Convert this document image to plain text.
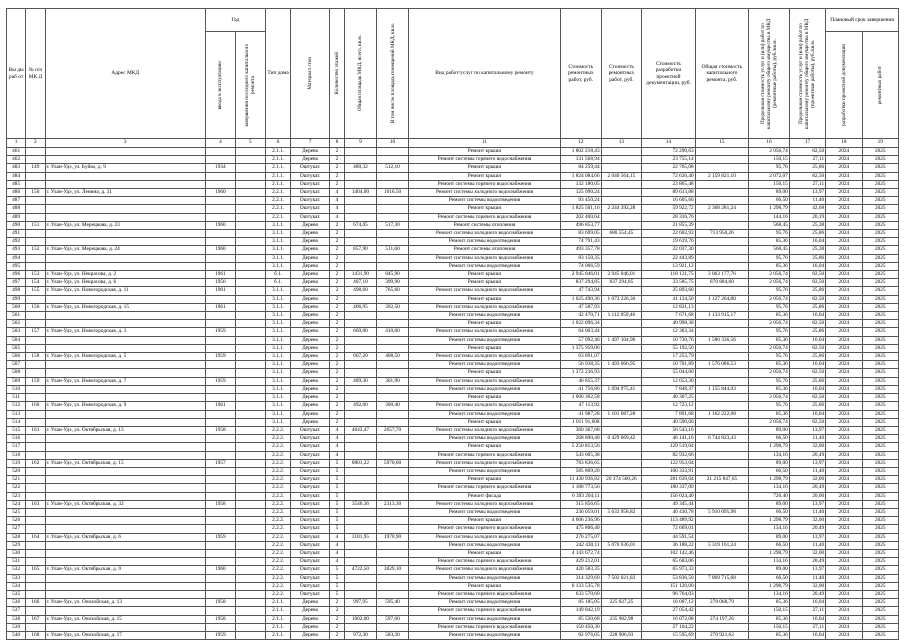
Вы ды раб от	№ п/п МК Д	Адрес МКД	Год		Тип дома	Материал стен	Количество этажей	Общая площадь МКД, всего, кв.м.	В том числе площадь помещений МКД, кв.м.	Вид работ/услуг по капитальному ремонту	Стоимость ремонтных работ, руб.	Стоимость ремонтных работ, руб.	Стоимость разработки проектной документации, руб.	Общая стоимость капитального ремонта, руб.	Предельная стоимость услуг и (или) работ по капитальному ремонту общего имущества в МКД (ремонтные работы), руб./кв.м.	Предельная стоимость услуг и (или) работ по капитальному ремонту общего имущества в МКД (проектные работы), руб./кв.м.	Плановый срок завершения	

			ввода в эксплуатацию	завершения последнего капитального ремонта													разработки проектной документации	ремонтных работ

1	2	3	4	5	6	7	8	9	10	11	12	13	14	15	16	17	18	19
461					2.1.1.	Дерево	2			Ремонт крыши	1 802 218,43		72 290,63		2 056,74	82,50	2024	2025
462					2.1.1.	Дерево	2			Ремонт системы горячего водоснабжения	131 568,94		23 755,14		150,15	27,11	2024	2025
483	149	г. Улан-Удэ, ул. Буйко, д. 9	1934		2.1.1.	Оштукат.	2	480,32	512,10	Ремонт крыши	84 259,44		22 765,08		95,76	25,86	2024	2025
484					2.1.1.	Оштукат.	2			Ремонт крыши	1 824 084,66	2 040 564,15	72 626,40	2 159 821,10	2 072,07	82,50	2024	2025
485					2.1.1.	Оштукат.	2			Ремонт системы горячего водоснабжения	132 180,05		23 865,48		150,15	27,11	2024	2025
486	150	г. Улан-Удэ, ул. Ленина, д. 31	1960		2.2.1.	Оштукат.	4	1404,00	1016,50	Ремонт системы холодного водоснабжения	125 090,24		89 613,88		89,00	13,97	2024	2025
487					2.2.1.	Оштукат.	4			Ремонт системы водоотведения	93 450,24		16 605,60		66,50	11,40	2024	2025
488					2.2.1.	Оштукат.	4			Ремонт крыши	1 825 501,16	2 244 392,28	59 922,72	2 368 281,24	1 298,79	42,68	2024	2025
489					2.2.1.	Оштукат.	4			Ремонт системы горячего водоснабжения	202 400,64		28 316,76		144,16	20,19	2024	2025
490	151	г. Улан-Удэ, ул. Мерецкова, д. 23	1960		3.1.1.	Дерево	2	674,05	517,30	Ремонт системы отопления	496 853,77		21 855,39		568,45	25,38	2024	2025
491					3.1.1.	Дерево	2			Ремонт системы холодного водоснабжения	83 699,05	680 554,45	22 602,93	713 950,26	95,76	25,86	2024	2025
492					3.1.1.	Дерево	2			Ремонт системы водоотведения	74 791,43		19 619,76		85,36	16,04	2024	2025
493	152	г. Улан-Удэ, ул. Мерецкова, д. 24	1960		3.1.1.	Дерево	2	857,90	511,60	Ремонт системы отопления	493 357,78		22 037,30		568,45	25,38	2024	2025
494					3.1.1.	Дерево	2			Ремонт системы холодного водоснабжения	83 150,35		22 443,89		95,76	25,86	2024	2025
495					3.1.1.	Дерево	2			Ремонт системы водоотведения	74 066,59		13 921,12		85,36	16,04	2024	2025
496	153	г. Улан-Удэ, ул. Некрасова, д. 2	1961		б.1.	Дерево	2	1431,90	845,90	Ремонт крыши	2 945 046,01	2 945 046,01	118 131,75	3 063 177,76	2 056,74	82,50	2024	2025
497	154	г. Улан-Удэ, ул. Некрасова, д. 6	1956		б.1.	Дерево	2	407,10	399,90	Ремонт крыши	837 294,85	837 294,85	33 585,75	870 884,60	2 056,74	82,50	2024	2025
498	155	г. Улан-Удэ, ул. Новогородская, д. 11	1961		3.1.1.	Дерево	2	498,60	765,60	Ремонт системы холодного водоснабжения	47 743,94		25 893,60		95,76	25,86	2024	2025
499					3.1.1.	Дерево	2			Ремонт крыши	1 025 490,36	1 073 226,30	41 134,50	1 127 264,80	2 056,74	82,50	2024	2025
500	156	г. Улан-Удэ, ул. Новогородская, д. 15	1961		3.1.1.	Дерево	2	406,95	392,50	Ремонт системы холодного водоснабжения	47 587,93		12 831,13		95,76	25,86	2024	2025
501					3.1.1.	Дерево	2			Ремонт системы водоотведения	42 470,71	1 112 059,46	7 671,68	1 133 915,17	85,36	16,04	2024	2025
502					3.1.1.	Дерево	2			Ремонт крыши	1 022 096,34		40 998,38		2 056,74	82,50	2024	2025
503	157	г. Улан-Удэ, ул. Новогородская, д. 3	1959		3.1.1.	Дерево	2	669,00	410,60	Ремонт системы холодного водоснабжения	64 063,44		12 303,34		95,76	25,86	2024	2025
504					3.1.1.	Дерево	2			Ремонт системы водоотведения	57 092,46	1 497 104,96	10 730,76	1 580 336,56	85,36	16,04	2024	2025
505					3.1.1.	Дерево	2			Ремонт крыши	1 375 959,06		55 192,50		2 056,74	82,50	2024	2025
506	158	г. Улан-Удэ, ул. Новогородская, д. 5	1959		3.1.1.	Дерево	2	667,20	408,50	Ремонт системы холодного водоснабжения	63 891,07		17 253,79		95,76	25,86	2024	2025
507					3.1.1.	Дерево	2			Ремонт системы водоотведения	56 938,35	1 493 066,95	10 701,89	1 576 086,53	85,36	16,04	2024	2025
508					3.1.1.	Дерево	2			Ремонт крыши	1 372 236,93		55 044,00		2 056,74	82,50	2024	2025
509	159	г. Улан-Удэ, ул. Новогородская, д. 7	1959		3.1.1.	Дерево	2	489,30	301,90	Ремонт системы холодного водоснабжения	46 855,37		12 653,30		95,76	25,86	2024	2025
510					3.1.1.	Дерево	2			Ремонт системы водоотведения	41 756,86	1 094 975,41	7 848,37	1 155 844,03	85,36	16,04	2024	2025
511					3.1.1.	Дерево	2			Ремонт крыши	1 006 362,58		40 367,25		2 056,74	82,50	2024	2025
512	160	г. Улан-Удэ, ул. Новогородская, д. 9	1961		3.1.1.	Дерево	2	492,00	300,40	Ремонт системы холодного водоснабжения	47 113,92		12 723,12		95,76	25,86	2024	2025
513					3.1.1.	Дерево	2			Ремонт системы водоотведения	41 987,28	1 101 087,28	7 891,68	1 162 222,08	85,36	16,04	2024	2025
514					3.1.1.	Дерево	2			Ремонт крыши	1 011 91,608		40 590,00		2 056,74	82,50	2024	2025
515	161	г. Улан-Удэ, ул. Октябрьская, д. 13	1958		2.2.2.	Оштукат.	4	4043,47	2657,70	Ремонт системы холодного водоснабжения	360 367,68		56 543,16		89,00	13,97	2024	2025
516					2.2.2.	Оштукат.	4			Ремонт системы водоотведения	268 890,40	6 429 669,42	46 141,16	6 744 823,43	66,50	11,40	2024	2025
517					2.2.2.	Оштукат.	4			Ремонт крыши	5 250 813,56		129 519,04		1 298,79	32,00	2024	2025
518					2.2.2.	Оштукат.	4			Ремонт системы горячего водоснабжения	543 005,38		82 932,66		134,16	20,49	2024	2025
519	162	г. Улан-Удэ, ул. Октябрьская, д. 15	1957		2.2.2.	Оштукат.	5	8801,22	5970,60	Ремонт системы холодного водоснабжения	783 836,65		122 953,04		89,00	13,97	2024	2025
520					2.2.2.	Оштукат.	5			Ремонт системы водоотведения	585 809,20		100 333,91		66,50	11,40	2024	2025
521					2.2.2.	Оштукат.	5			Ремонт крыши	11 430 936,82	20 374 560,26	281 639,04	21 215 847,65	1 298,79	32,00	2024	2025
522					2.2.2.	Оштукат.	5			Ремонт системы горячего водоснабжения	1 180 773,56		180 337,00		134,16	20,49	2024	2025
523					2.2.2.	Оштукат.	5			Ремонт фасада	6 393 204,11		156 024,40		726,40	20,00	2024	2025
524	163	г. Улан-Удэ, ул. Октябрьская, д. 32	1958		2.2.2.	Оштукат.	5	3546,36	2313,30	Ремонт системы холодного водоснабжения	315 856,65		49 345,44		89,00	13,97	2024	2025
525					2.2.2.	Оштукат.	5			Ремонт системы водоотведения	236 059,01	5 633 958,82	40 430,78	5 910 095,98	66,50	11,40	2024	2025
526					2.2.2.	Оштукат.	5			Ремонт крыши	4 606 236,96		113 489,92		1 298,79	32,00	2024	2025
527					2.2.2.	Оштукат.	5			Ремонт системы горячего водоснабжения	475 806,40		72 669,01		134,16	20,49	2024	2025
528	164	г. Улан-Удэ, ул. Октябрьская, д. 6	1959		2.2.2.	Оштукат.	4	3101,95	1970,90	Ремонт системы холодного водоснабжения	276 275,07		44 591,54		89,00	13,97	2024	2025
529					2.2.2.	Оштукат.	4			Ремонт системы водоотведения	242 430,11	5 070 636,01	36 188,22	5 319 161,24	66,50	11,40	2024	2025
530					2.2.2.	Оштукат.	4			Ремонт крыши	4 143 672,74		102 142,46		1 298,79	32,00	2024	2025
531					2.2.2.	Оштукат.	4			Ремонт системы горячего водоснабжения	429 212,01		65 603,06		134,16	20,49	2024	2025
532	165	г. Улан-Удэ, ул. Октябрьская, д. 9	1960		2.2.2.	Оштукат.	5	4722,50	3029,10	Ремонт системы холодного водоснабжения	420 583,35		65 973,33		89,00	13,97	2024	2025
533					2.2.2.	Оштукат.	5			Ремонт системы водоотведения	314 329,60	7 502 021,83	53 836,50	7 869 715,68	66,50	11,40	2024	2025
534					2.2.2.	Оштукат.	5			Ремонт крыши	6 133 535,78		151 120,00		1 298,79	32,00	2024	2025
535					2.2.2.	Оштукат.	5			Ремонт системы горячего водоснабжения	633 570,60		96 764,03		134,16	20,49	2024	2025
536	166	г. Улан-Удэ, ул. Онохойская, д. 13	1958		2.1.1.	Дерево	2	997,95	595,40	Ремонт системы водоотведения	85 185,05	225 027,25	16 007,12	278 068,79	85,36	16,04	2024	2025
537					2.1.1.	Дерево	2			Ремонт системы горячего водоснабжения	149 842,19		27 054,42		150,15	27,11	2024	2025
538	167	г. Улан-Удэ, ул. Онохойская, д. 15	1958		2.1.1.	Дерево	2	1002,00	597,60	Ремонт системы водоотведения	85 530,68	235 902,98	16 072,08	274 197,26	85,36	16,04	2024	2025
539					2.1.1.	Дерево	2			Ремонт системы горячего водоснабжения	150 450,30		27 164,22		150,15	27,11	2024	2025
540	168	г. Улан-Удэ, ул. Онохойская, д. 17	1959		2.1.1.	Дерево	2	972,30	583,30	Ремонт системы водоотведения	82 976,05	228 906,93	15 595,69	270 921,62	85,36	16,04	2024	2025
